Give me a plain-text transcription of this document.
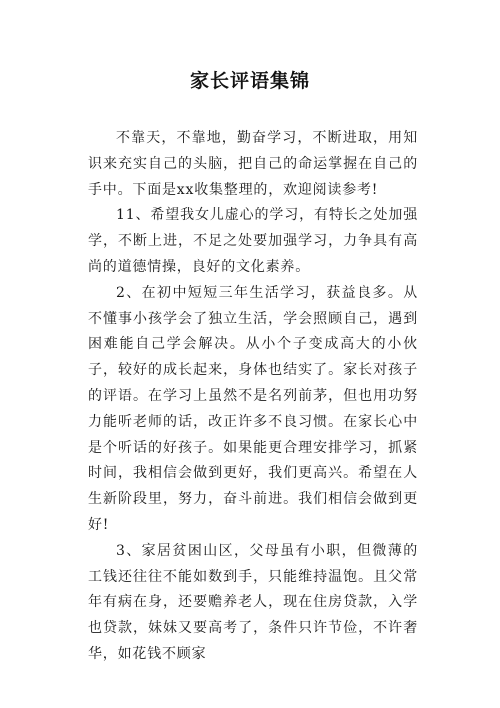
家长评语集锦

不靠天，不靠地，勤奋学习，不断进取，用知识来充实自己的头脑，把自己的命运掌握在自己的手中。下面是xx收集整理的，欢迎阅读参考!

11、希望我女儿虚心的学习，有特长之处加强学，不断上进，不足之处要加强学习，力争具有高尚的道德情操，良好的文化素养。

2、在初中短短三年生活学习，获益良多。从不懂事小孩学会了独立生活，学会照顾自己，遇到困难能自己学会解决。从小个子变成高大的小伙子，较好的成长起来，身体也结实了。家长对孩子的评语。在学习上虽然不是名列前茅，但也用功努力能听老师的话，改正许多不良习惯。在家长心中是个听话的好孩子。如果能更合理安排学习，抓紧时间，我相信会做到更好，我们更高兴。希望在人生新阶段里，努力，奋斗前进。我们相信会做到更好!

3、家居贫困山区，父母虽有小职，但微薄的工钱还往往不能如数到手，只能维持温饱。且父常年有病在身，还要赡养老人，现在住房贷款，入学也贷款，妹妹又要高考了，条件只许节俭，不许奢华，如花钱不顾家
